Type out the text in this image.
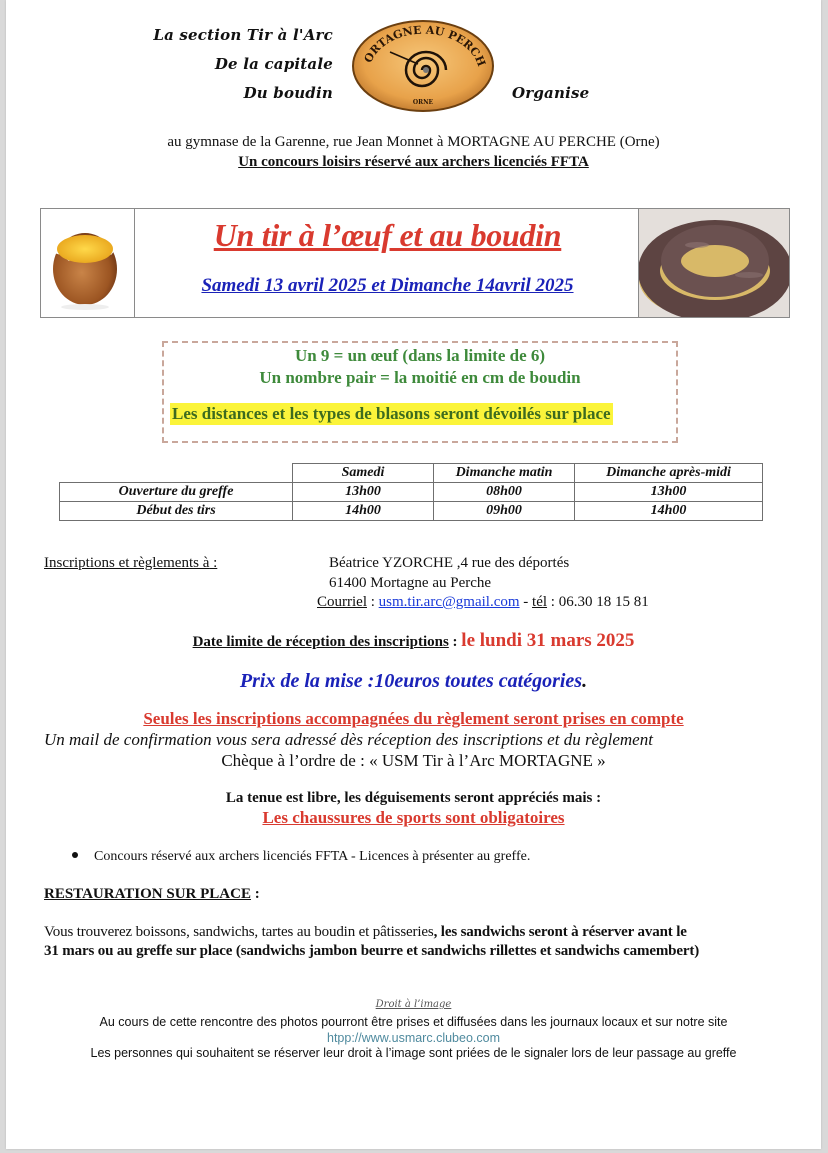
La section Tir à l'Arc
De la capitale
Du boudin	Organise
ORTAGNE AU PERCH
ORNE
au gymnase de la Garenne, rue Jean Monnet à MORTAGNE AU PERCHE (Orne)
Un concours loisirs réservé aux archers licenciés FFTA
Un tir à l’œuf et au boudin
Samedi 13 avril 2025 et Dimanche 14avril 2025
Un 9 = un œuf (dans la limite de 6)
Un nombre pair = la moitié en cm de boudin
Les distances et les types de blasons seront dévoilés sur place
	Samedi	Dimanche matin	Dimanche après-midi
Ouverture du greffe	13h00	08h00	13h00
Début des tirs	14h00	09h00	14h00
Inscriptions et règlements à :	Béatrice YZORCHE ,4 rue des déportés
61400 Mortagne au Perche
Courriel : usm.tir.arc@gmail.com - tél : 06.30 18 15 81
Date limite de réception des inscriptions : le lundi 31 mars 2025
Prix de la mise :10euros toutes catégories.
Seules les inscriptions accompagnées du règlement seront prises en compte
Un mail de confirmation vous sera adressé dès réception des inscriptions et du règlement
Chèque à l’ordre de : « USM Tir à l’Arc MORTAGNE »
La tenue est libre, les déguisements seront appréciés mais :
Les chaussures de sports sont obligatoires
Concours réservé aux archers licenciés FFTA - Licences à présenter au greffe.
RESTAURATION SUR PLACE :
Vous trouverez boissons, sandwichs, tartes au boudin et pâtisseries, les sandwichs seront à réserver avant le
31 mars ou au greffe sur place (sandwichs jambon beurre et sandwichs rillettes et sandwichs camembert)
Droit à l’image
Au cours de cette rencontre des photos pourront être prises et diffusées dans les journaux locaux et sur notre site
htpp://www.usmarc.clubeo.com
Les personnes qui souhaitent se réserver leur droit à l’image sont priées de le signaler lors de leur passage au greffe
